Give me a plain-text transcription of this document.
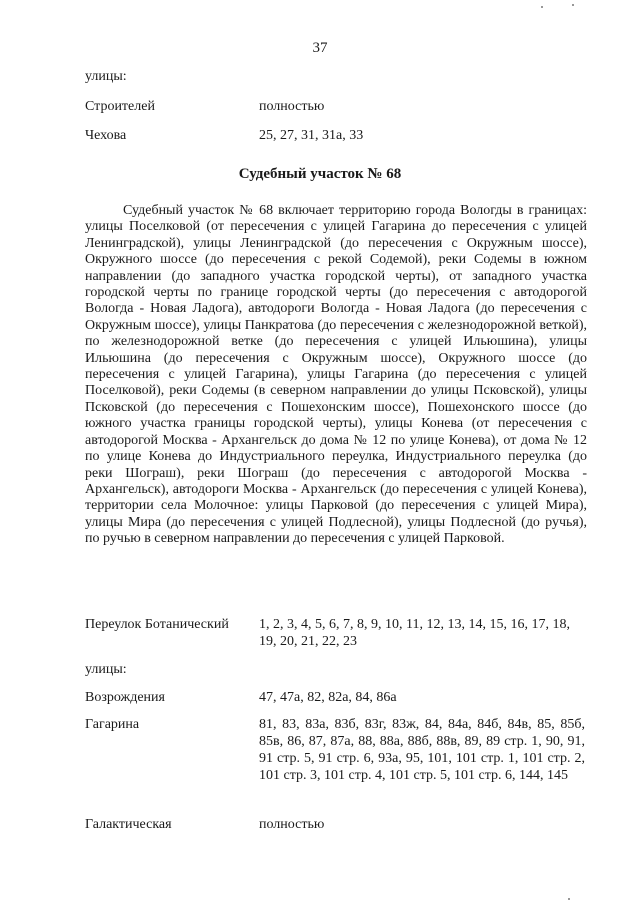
37
улицы:
Строителей	полностью
Чехова	25, 27, 31, 31а, 33
Судебный участок № 68

Судебный участок № 68 включает территорию города Вологды в границах: улицы Поселковой (от пересечения с улицей Гагарина до пересечения с улицей Ленинградской), улицы Ленинградской (до пересечения с Окружным шоссе), Окружного шоссе (до пересечения с рекой Содемой), реки Содемы в южном направлении (до западного участка городской черты), от западного участка городской черты по границе городской черты (до пересечения с автодорогой Вологда - Новая Ладога), автодороги Вологда - Новая Ладога (до пересечения с Окружным шоссе), улицы Панкратова (до пересечения с железнодорожной веткой), по железнодорожной ветке (до пересечения с улицей Ильюшина), улицы Ильюшина (до пересечения с Окружным шоссе), Окружного шоссе (до пересечения с улицей Гагарина), улицы Гагарина (до пересечения с улицей Поселковой), реки Содемы (в северном направлении до улицы Псковской), улицы Псковской (до пересечения с Пошехонским шоссе), Пошехонского шоссе (до южного участка границы городской черты), улицы Конева (от пересечения с автодорогой Москва - Архангельск до дома № 12 по улице Конева), от дома № 12 по улице Конева до Индустриального переулка, Индустриального переулка (до реки Шограш), реки Шограш (до пересечения с автодорогой Москва - Архангельск), автодороги Москва - Архангельск (до пересечения с улицей Конева), территории села Молочное: улицы Парковой (до пересечения с улицей Мира), улицы Мира (до пересечения с улицей Подлесной), улицы Подлесной (до ручья), по ручью в северном направлении до пересечения с улицей Парковой.

Переулок Ботанический	1, 2, 3, 4, 5, 6, 7, 8, 9, 10, 11, 12, 13, 14, 15, 16, 17, 18, 19, 20, 21, 22, 23
улицы:
Возрождения	47, 47а, 82, 82а, 84, 86а
Гагарина	81, 83, 83а, 83б, 83г, 83ж, 84, 84а, 84б, 84в, 85, 85б, 85в, 86, 87, 87а, 88, 88а, 88б, 88в, 89, 89 стр. 1, 90, 91, 91 стр. 5, 91 стр. 6, 93а, 95, 101, 101 стр. 1, 101 стр. 2, 101 стр. 3, 101 стр. 4, 101 стр. 5, 101 стр. 6, 144, 145
Галактическая	полностью
